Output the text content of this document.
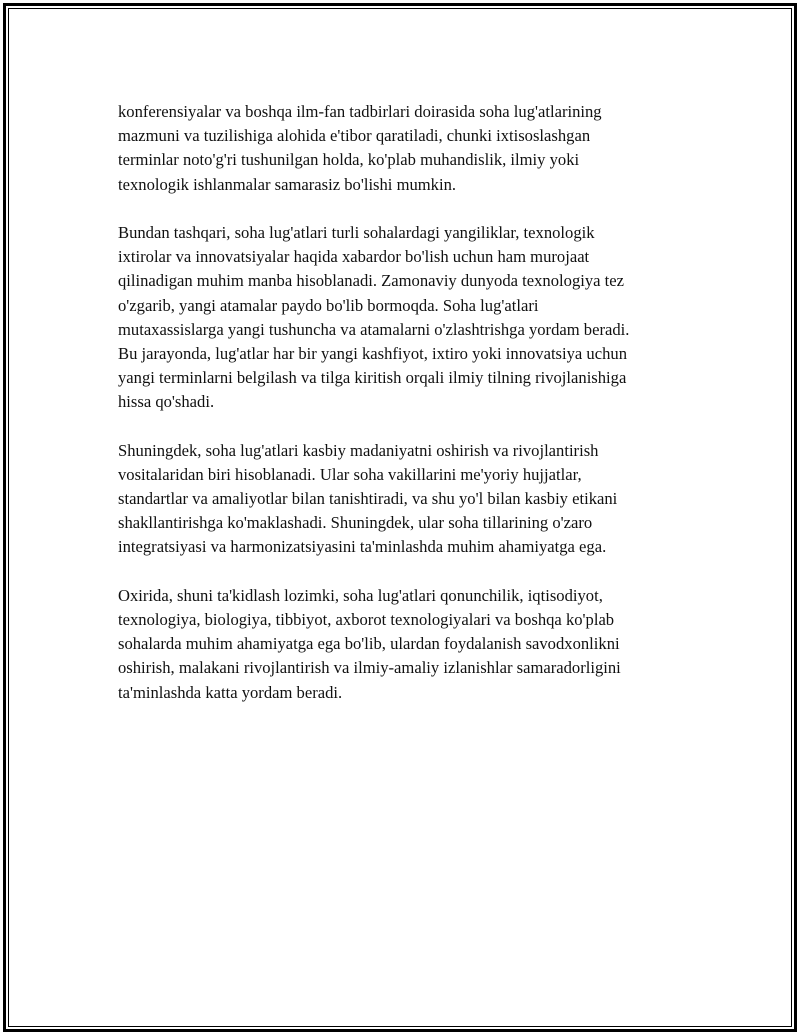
konferensiyalar va boshqa ilm-fan tadbirlari doirasida soha lug'atlarining
mazmuni va tuzilishiga alohida e'tibor qaratiladi, chunki ixtisoslashgan
terminlar noto'g'ri tushunilgan holda, ko'plab muhandislik, ilmiy yoki
texnologik ishlanmalar samarasiz bo'lishi mumkin.

Bundan tashqari, soha lug'atlari turli sohalardagi yangiliklar, texnologik
ixtirolar va innovatsiyalar haqida xabardor bo'lish uchun ham murojaat
qilinadigan muhim manba hisoblanadi. Zamonaviy dunyoda texnologiya tez
o'zgarib, yangi atamalar paydo bo'lib bormoqda. Soha lug'atlari
mutaxassislarga yangi tushuncha va atamalarni o'zlashtrishga yordam beradi.
Bu jarayonda, lug'atlar har bir yangi kashfiyot, ixtiro yoki innovatsiya uchun
yangi terminlarni belgilash va tilga kiritish orqali ilmiy tilning rivojlanishiga
hissa qo'shadi.

Shuningdek, soha lug'atlari kasbiy madaniyatni oshirish va rivojlantirish
vositalaridan biri hisoblanadi. Ular soha vakillarini me'yoriy hujjatlar,
standartlar va amaliyotlar bilan tanishtiradi, va shu yo'l bilan kasbiy etikani
shakllantirishga ko'maklashadi. Shuningdek, ular soha tillarining o'zaro
integratsiyasi va harmonizatsiyasini ta'minlashda muhim ahamiyatga ega.

Oxirida, shuni ta'kidlash lozimki, soha lug'atlari qonunchilik, iqtisodiyot,
texnologiya, biologiya, tibbiyot, axborot texnologiyalari va boshqa ko'plab
sohalarda muhim ahamiyatga ega bo'lib, ulardan foydalanish savodxonlikni
oshirish, malakani rivojlantirish va ilmiy-amaliy izlanishlar samaradorligini
ta'minlashda katta yordam beradi.
